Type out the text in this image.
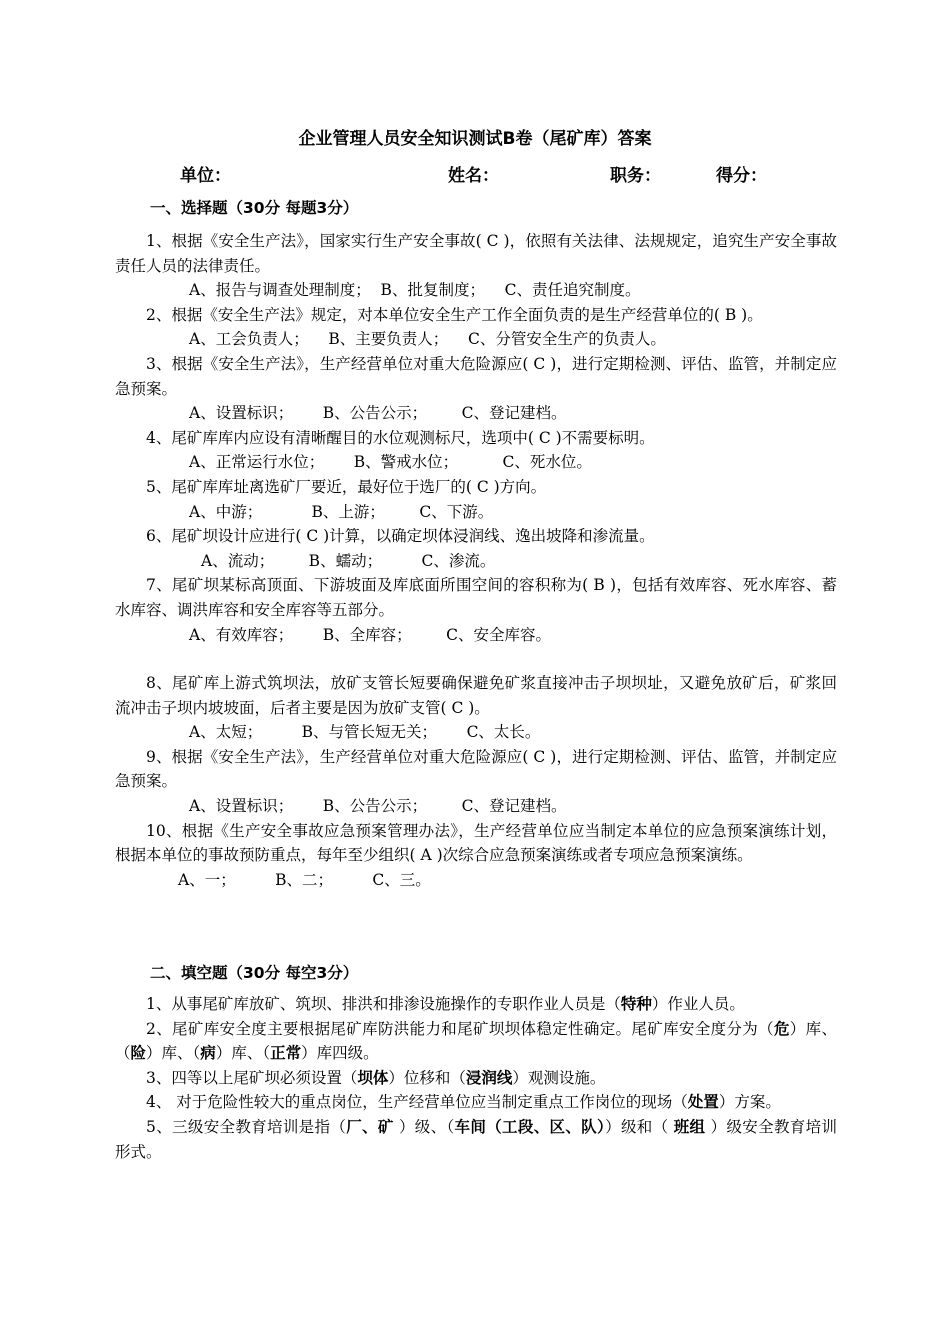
企业管理人员安全知识测试B卷（尾矿库）答案
单位：	姓名：	职务：	得分：
一、选择题（30分 每题3分）

1、根据《安全生产法》，国家实行生产安全事故( C )，依照有关法律、法规规定，追究生产安全事故责任人员的法律责任。

A、报告与调查处理制度；  B、批复制度；    C、责任追究制度。

2、根据《安全生产法》规定，对本单位安全生产工作全面负责的是生产经营单位的( B )。

A、工会负责人；    B、主要负责人；    C、分管安全生产的负责人。

3、根据《安全生产法》，生产经营单位对重大危险源应( C )，进行定期检测、评估、监管，并制定应急预案。

A、设置标识；      B、公告公示；       C、登记建档。

4、尾矿库库内应设有清晰醒目的水位观测标尺，选项中( C )不需要标明。

A、正常运行水位；      B、警戒水位；         C、死水位。

5、尾矿库库址离选矿厂要近，最好位于选厂的( C )方向。

A、中游；          B、上游；       C、下游。

6、尾矿坝设计应进行( C )计算，以确定坝体浸润线、逸出坡降和渗流量。

A、流动；       B、蠕动；        C、渗流。

7、尾矿坝某标高顶面、下游坡面及库底面所围空间的容积称为( B )，包括有效库容、死水库容、蓄水库容、调洪库容和安全库容等五部分。

A、有效库容；      B、全库容；       C、安全库容。

8、尾矿库上游式筑坝法，放矿支管长短要确保避免矿浆直接冲击子坝坝址，又避免放矿后，矿浆回流冲击子坝内坡坡面，后者主要是因为放矿支管( C )。

A、太短；        B、与管长短无关；      C、太长。

9、根据《安全生产法》，生产经营单位对重大危险源应( C )，进行定期检测、评估、监管，并制定应急预案。

A、设置标识；      B、公告公示；       C、登记建档。

10、根据《生产安全事故应急预案管理办法》，生产经营单位应当制定本单位的应急预案演练计划，根据本单位的事故预防重点，每年至少组织( A )次综合应急预案演练或者专项应急预案演练。

A、一；        B、二；        C、三。

二、填空题（30分 每空3分）

1、从事尾矿库放矿、筑坝、排洪和排渗设施操作的专职作业人员是（特种）作业人员。

2、尾矿库安全度主要根据尾矿库防洪能力和尾矿坝坝体稳定性确定。尾矿库安全度分为（危）库、（险）库、（病）库、（正常）库四级。

3、四等以上尾矿坝必须设置（坝体）位移和（浸润线）观测设施。

4、 对于危险性较大的重点岗位，生产经营单位应当制定重点工作岗位的现场（处置）方案。

5、三级安全教育培训是指（厂、矿 ）级、（车间（工段、区、队））级和（ 班组 ）级安全教育培训形式。
